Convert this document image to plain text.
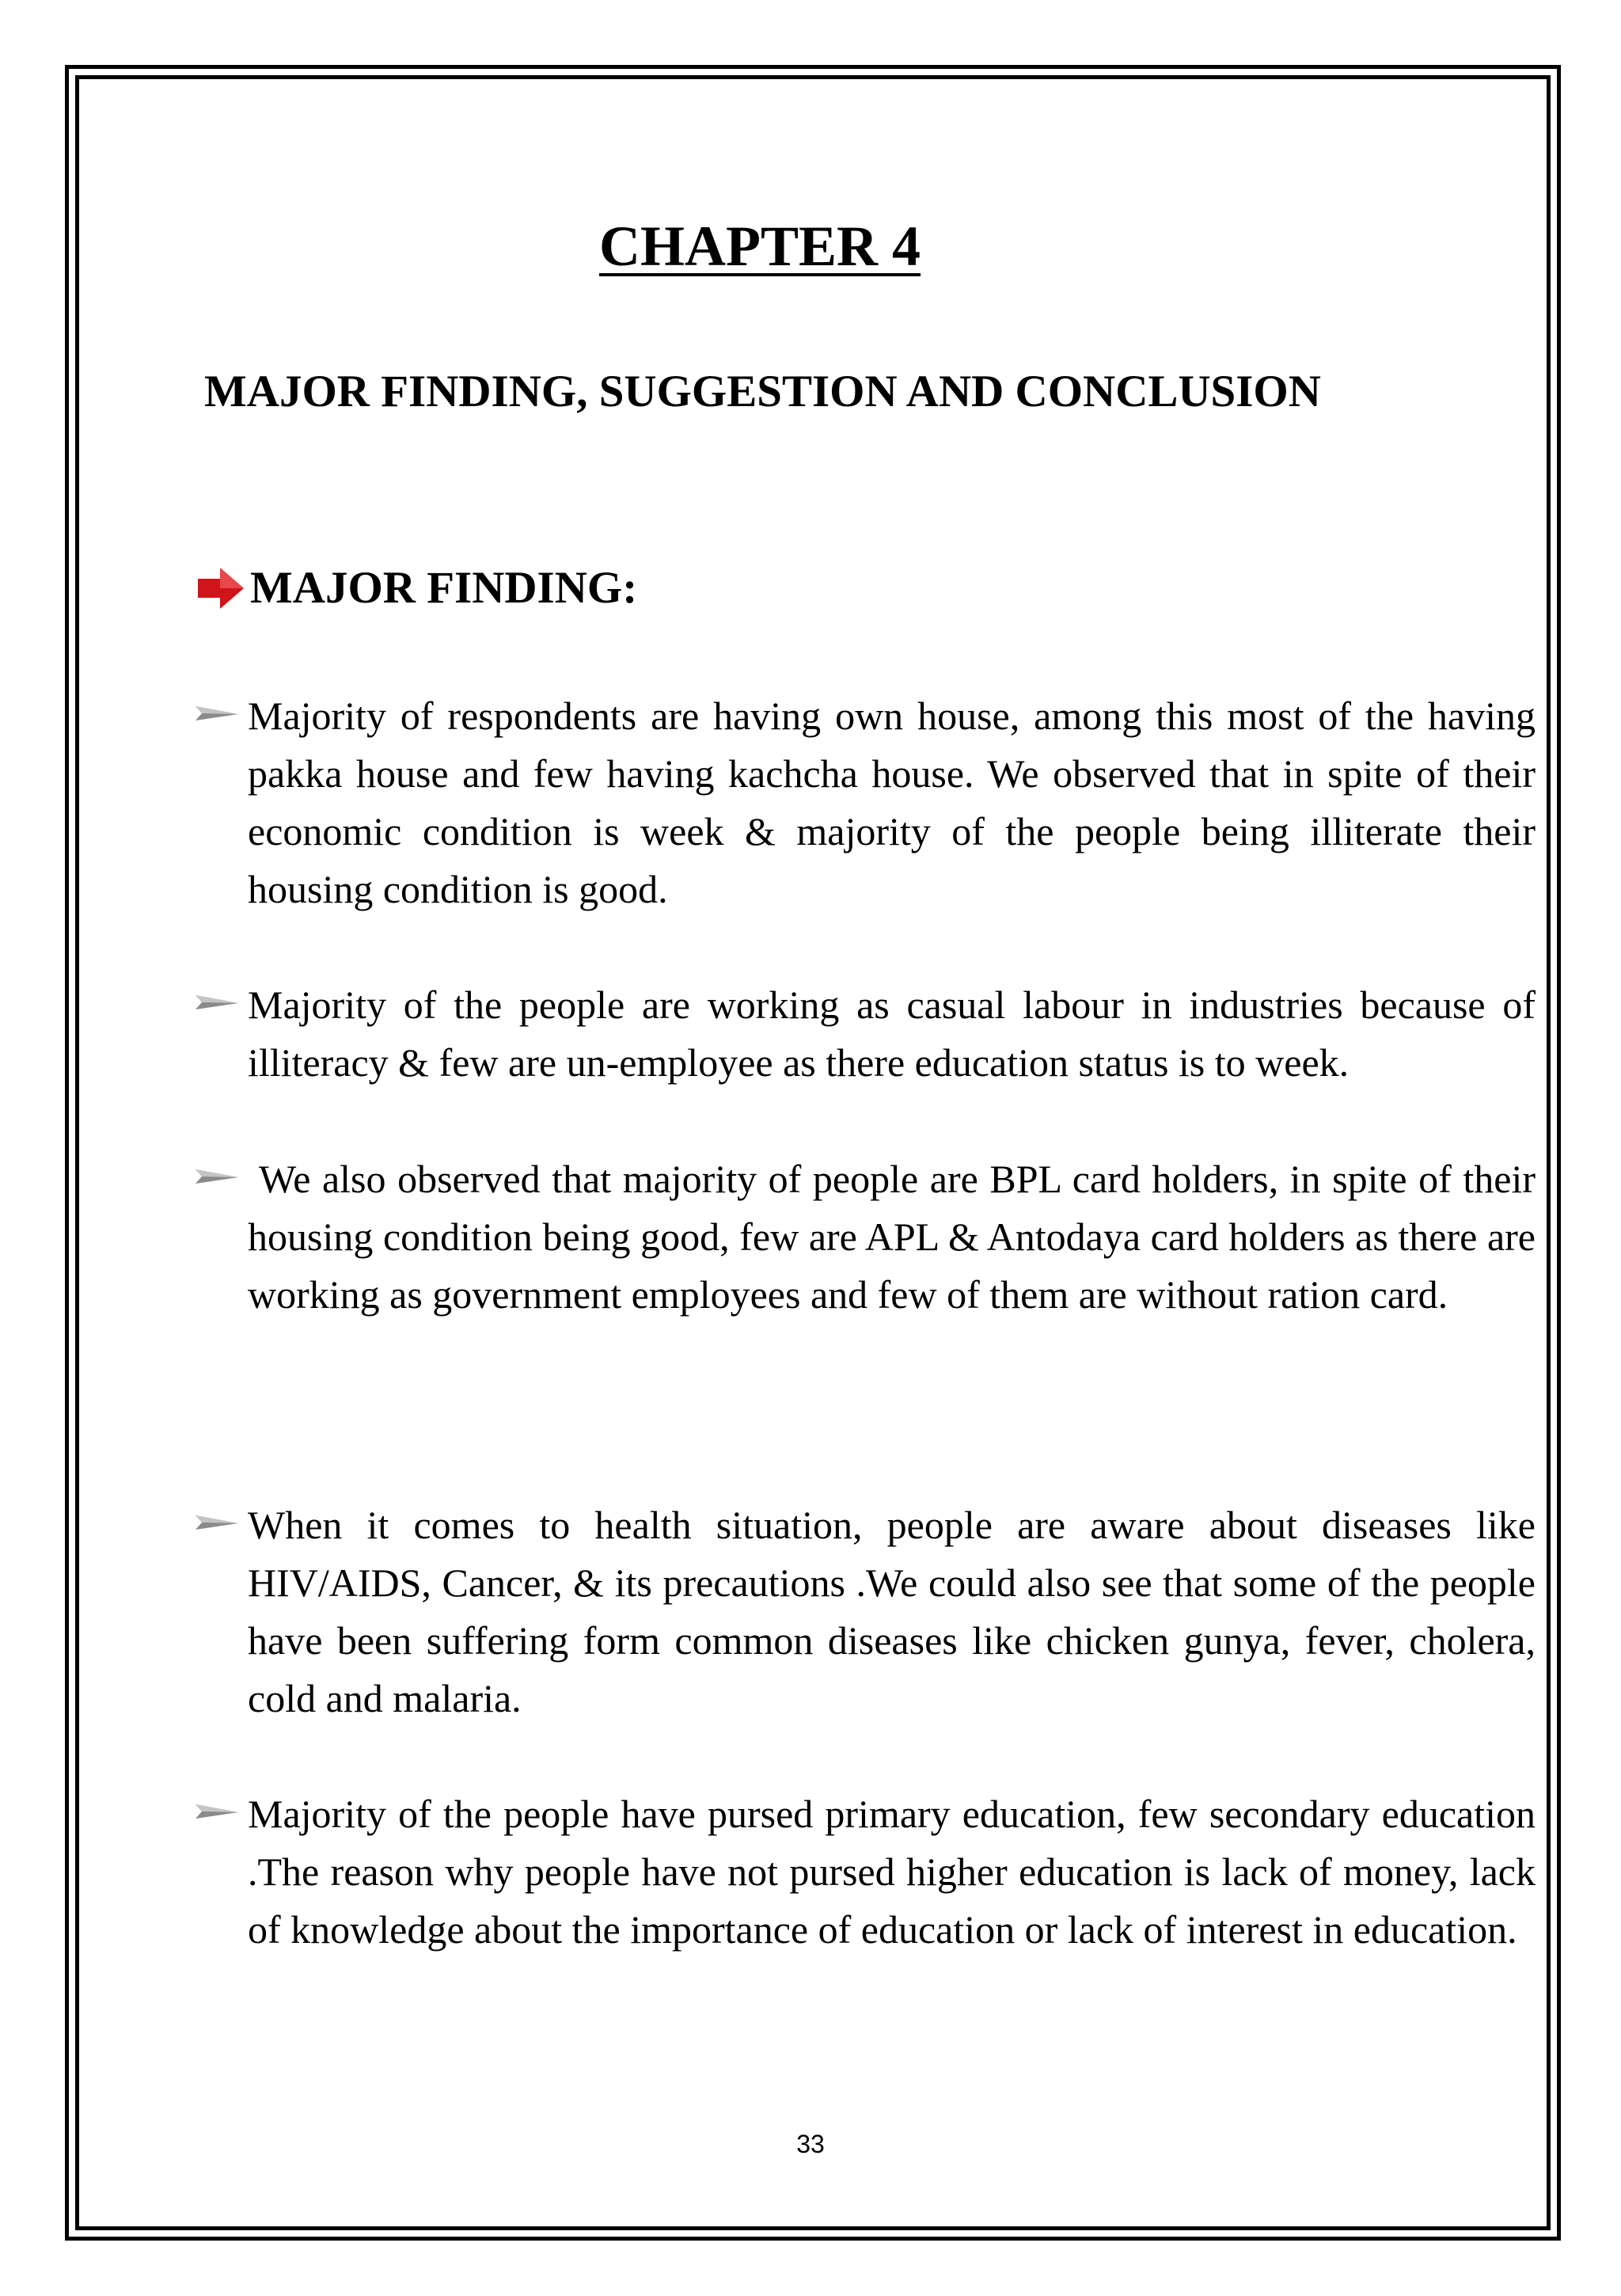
CHAPTER 4
MAJOR FINDING, SUGGESTION AND CONCLUSION
MAJOR FINDING:
Majority of respondents are having own house, among this most of the having pakka house and few having kachcha house. We observed that in spite of their economic condition is week & majority of the people being illiterate their housing condition is good.
Majority of the people are working as casual labour in industries because of illiteracy & few are un-employee as there education status is to week.
We also observed that majority of people are BPL card holders, in spite of their housing condition being good, few are APL & Antodaya card holders as there are working as government employees and few of them are without ration card.
When it comes to health situation, people are aware about diseases like HIV/AIDS, Cancer, & its precautions .We could also see that some of the people have been suffering form common diseases like chicken gunya, fever, cholera, cold and malaria.
Majority of the people have pursed primary education, few secondary education .The reason why people have not pursed higher education is lack of money, lack of knowledge about the importance of education or lack of interest in education.
33
